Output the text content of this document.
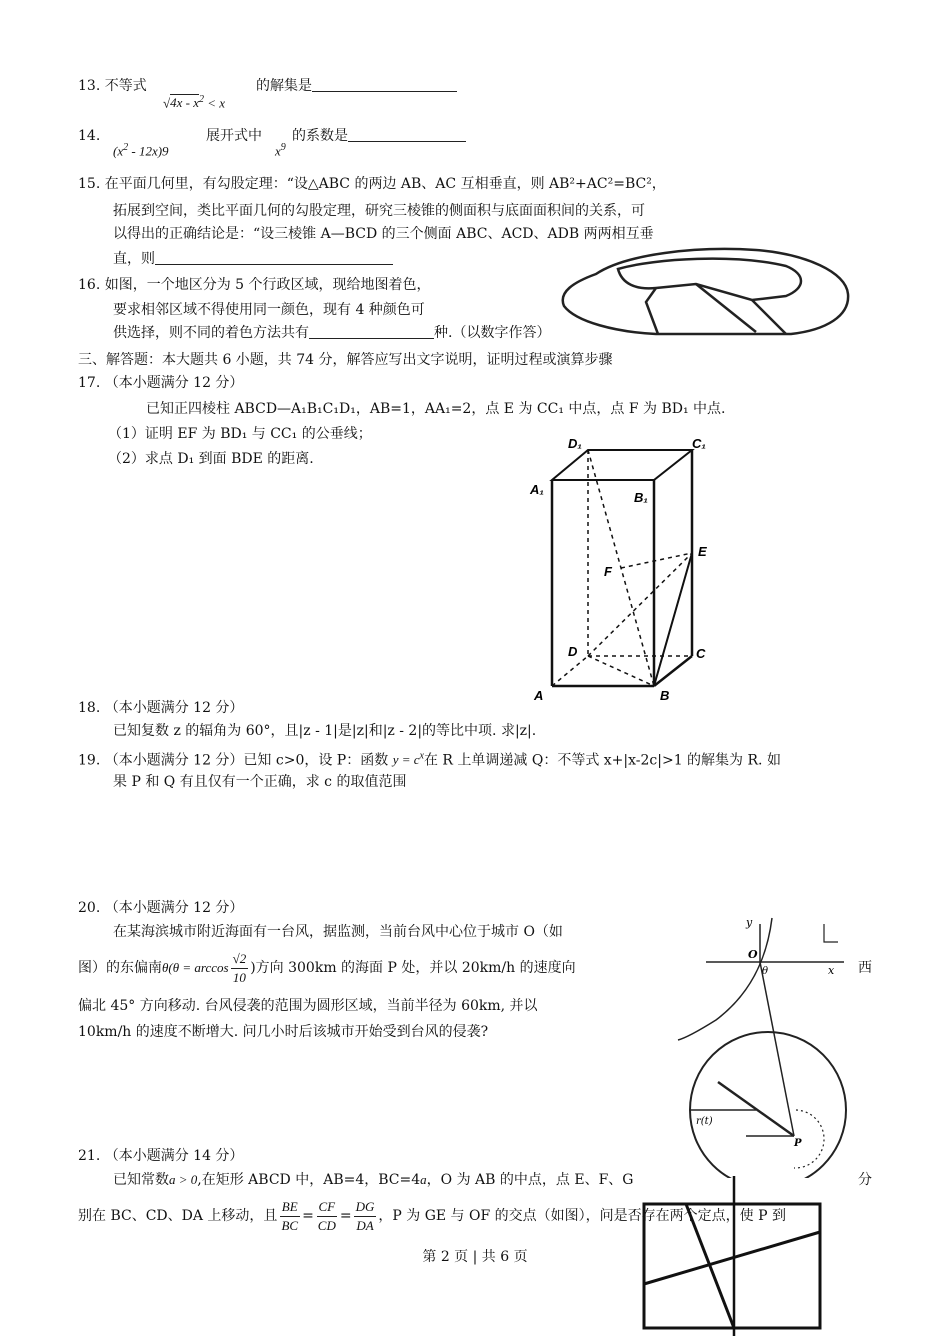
13. 不等式
$√4x - x^2 < x$
的解集是
14.
$(x^2 - 12x)9$
展开式中
$x^9$
的系数是
15. 在平面几何里，有勾股定理：“设△ABC 的两边 AB、AC 互相垂直，则 AB²+AC²=BC²，
拓展到空间，类比平面几何的勾股定理，研究三棱锥的侧面积与底面面积间的关系，可
以得出的正确结论是：“设三棱锥 A—BCD 的三个侧面 ABC、ACD、ADB 两两相互垂
直，则
16. 如图，一个地区分为 5 个行政区域，现给地图着色，
要求相邻区域不得使用同一颜色，现有 4 种颜色可
供选择，则不同的着色方法共有	种.（以数字作答）
三、解答题：本大题共 6 小题，共 74 分，解答应写出文字说明，证明过程或演算步骤
17. （本小题满分 12 分）
已知正四棱柱 ABCD—A₁B₁C₁D₁，AB=1，AA₁=2，点 E 为 CC₁ 中点，点 F 为 BD₁ 中点.
（1）证明 EF 为 BD₁ 与 CC₁ 的公垂线；
（2）求点 D₁ 到面 BDE 的距离.
D₁	C₁
A₁
B₁
E
F
D	C
A	B
18. （本小题满分 12 分）
已知复数 z 的辐角为 60°，且|z - 1|是|z|和|z - 2|的等比中项. 求|z|.
19. （本小题满分 12 分）已知 c>0，设 P：函数 $y = c^x$在 R 上单调递减 Q：不等式 x+|x-2c|>1 的解集为 R. 如
果 P 和 Q 有且仅有一个正确，求 c 的取值范围
20. （本小题满分 12 分）
在某海滨城市附近海面有一台风，据监测，当前台风中心位于城市 O（如
图）的东偏南$\theta(\theta = \arccos \frac{√2}{10}$ )方向 300km 的海面 P 处，并以 20km/h 的速度向	西
偏北 45° 方向移动. 台风侵袭的范围为圆形区域，当前半径为 60km, 并以
10km/h 的速度不断增大. 问几小时后该城市开始受到台风的侵袭?
y
O
x
θ
r(t)
P
21. （本小题满分 14 分）
已知常数a > 0,在矩形 ABCD 中，AB=4，BC=4a，O 为 AB 的中点，点 E、F、G	分
别在 BC、CD、DA 上移动，且 $\frac{BE}{BC} = \frac{CF}{CD} = \frac{DG}{DA}$ ，P 为 GE 与 OF 的交点（如图），问是否存在两个定点，使 P 到
第 2 页 | 共 6 页
